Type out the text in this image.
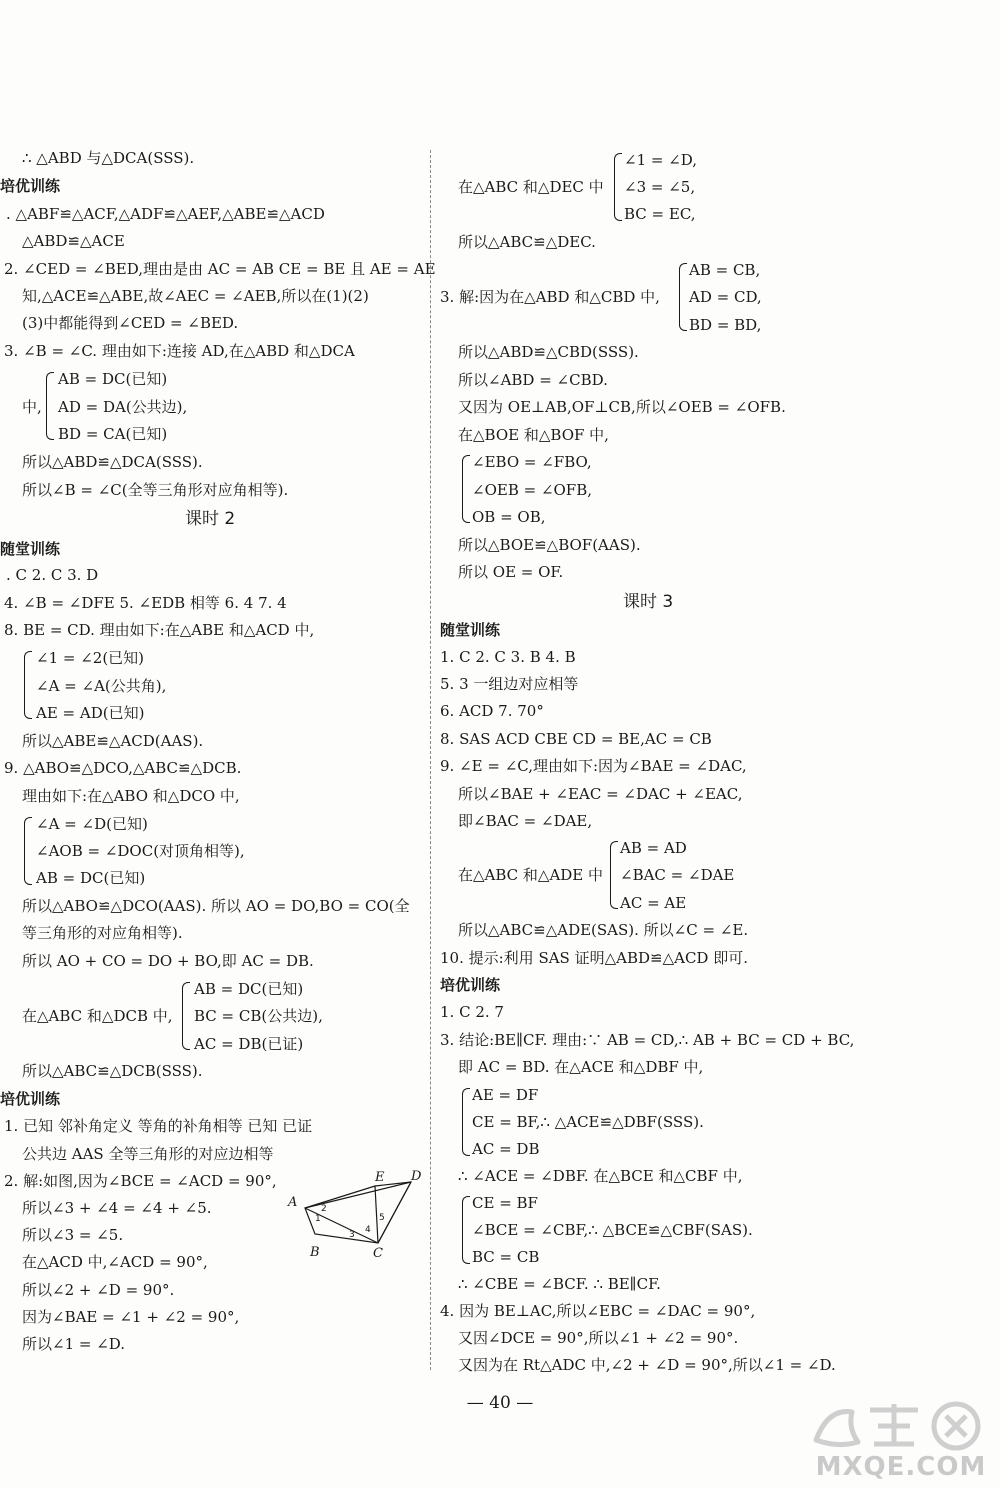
∴ △ABD 与△DCA(SSS).
培优训练
. △ABF≌△ACF,△ADF≌△AEF,△ABE≌△ACD
△ABD≌△ACE
2. ∠CED = ∠BED,理由是由 AC = AB CE = BE 且 AE = AE
知,△ACE≌△ABE,故∠AEC = ∠AEB,所以在(1)(2)
(3)中都能得到∠CED = ∠BED.
3. ∠B = ∠C. 理由如下:连接 AD,在△ABD 和△DCA
AB = DC(已知)
中, AD = DA(公共边),
BD = CA(已知)
所以△ABD≌△DCA(SSS).
所以∠B = ∠C(全等三角形对应角相等).
课时 2
随堂训练
. C 2. C 3. D
4. ∠B = ∠DFE 5. ∠EDB 相等 6. 4 7. 4
8. BE = CD. 理由如下:在△ABE 和△ACD 中,
∠1 = ∠2(已知)
∠A = ∠A(公共角),
AE = AD(已知)
所以△ABE≌△ACD(AAS).
9. △ABO≌△DCO,△ABC≌△DCB.
理由如下:在△ABO 和△DCO 中,
∠A = ∠D(已知)
∠AOB = ∠DOC(对顶角相等),
AB = DC(已知)
所以△ABO≌△DCO(AAS). 所以 AO = DO,BO = CO(全
等三角形的对应角相等).
所以 AO + CO = DO + BO,即 AC = DB.
AB = DC(已知)
在△ABC 和△DCB 中, BC = CB(公共边),
AC = DB(已证)
所以△ABC≌△DCB(SSS).
培优训练
1. 已知 邻补角定义 等角的补角相等 已知 已证
公共边 AAS 全等三角形的对应边相等
2. 解:如图,因为∠BCE = ∠ACD = 90°,
所以∠3 + ∠4 = ∠4 + ∠5.
所以∠3 = ∠5.
在△ACD 中,∠ACD = 90°,
所以∠2 + ∠D = 90°.
因为∠BAE = ∠1 + ∠2 = 90°,
所以∠1 = ∠D.
A
B	C
D
E
1
2
3 4
5
∠1 = ∠D,
在△ABC 和△DEC 中 ∠3 = ∠5,
BC = EC,
所以△ABC≌△DEC.
AB = CB,
3. 解:因为在△ABD 和△CBD 中, AD = CD,
BD = BD,
所以△ABD≌△CBD(SSS).
所以∠ABD = ∠CBD.
又因为 OE⊥AB,OF⊥CB,所以∠OEB = ∠OFB.
在△BOE 和△BOF 中,
∠EBO = ∠FBO,
∠OEB = ∠OFB,
OB = OB,
所以△BOE≌△BOF(AAS).
所以 OE = OF.
课时 3
随堂训练
1. C 2. C 3. B 4. B
5. 3 一组边对应相等
6. ACD 7. 70°
8. SAS ACD CBE CD = BE,AC = CB
9. ∠E = ∠C,理由如下:因为∠BAE = ∠DAC,
所以∠BAE + ∠EAC = ∠DAC + ∠EAC,
即∠BAC = ∠DAE,
AB = AD
在△ABC 和△ADE 中 ∠BAC = ∠DAE
AC = AE
所以△ABC≌△ADE(SAS). 所以∠C = ∠E.
10. 提示:利用 SAS 证明△ABD≌△ACD 即可.
培优训练
1. C 2. 7
3. 结论:BE∥CF. 理由:∵ AB = CD,∴ AB + BC = CD + BC,
即 AC = BD. 在△ACE 和△DBF 中,
AE = DF
CE = BF,∴ △ACE≌△DBF(SSS).
AC = DB
∴ ∠ACE = ∠DBF. 在△BCE 和△CBF 中,
CE = BF
∠BCE = ∠CBF,∴ △BCE≌△CBF(SAS).
BC = CB
∴ ∠CBE = ∠BCF. ∴ BE∥CF.
4. 因为 BE⊥AC,所以∠EBC = ∠DAC = 90°,
又因∠DCE = 90°,所以∠1 + ∠2 = 90°.
又因为在 Rt△ADC 中,∠2 + ∠D = 90°,所以∠1 = ∠D.
— 40 —
MXQE.COM
